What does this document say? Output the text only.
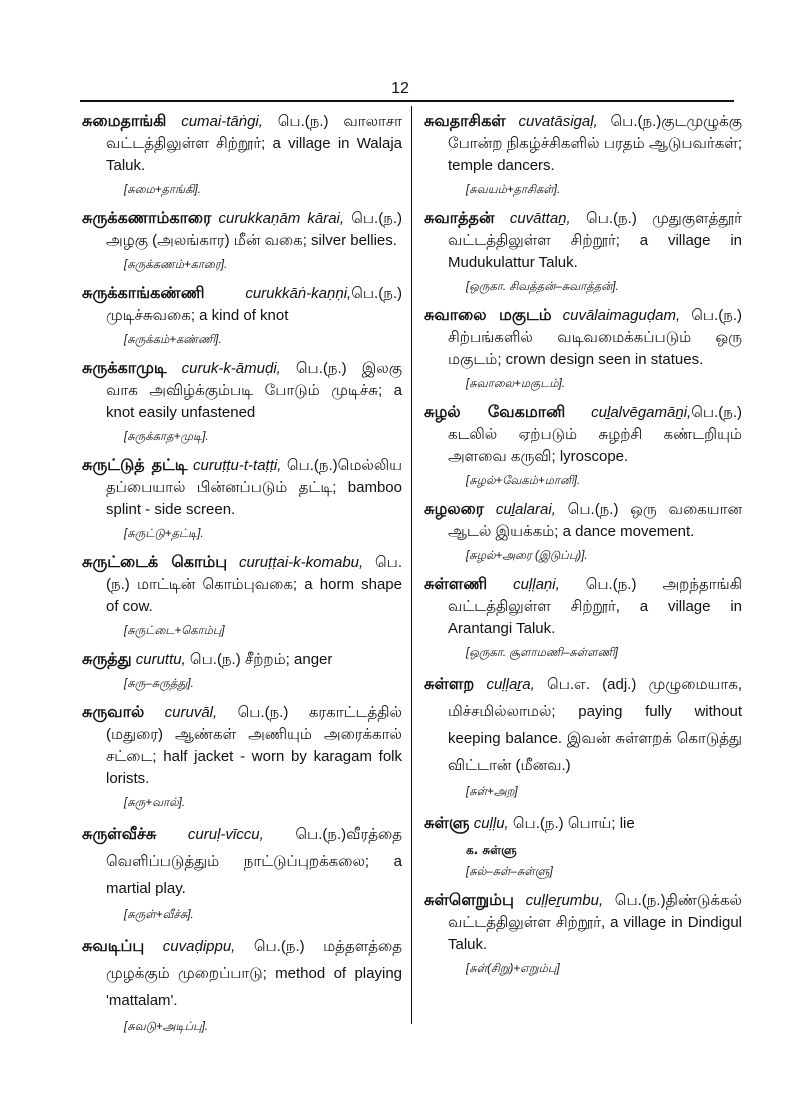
12
சுமைதாங்கி cumai-tāṅgi, பெ.(ந.) வாலாசா வட்டத்திலுள்ள சிற்றூர்; a village in Walaja Taluk.
[சுமை+தாங்கி].
சுருக்கணாம்காரை curukkaṇām kārai, பெ.(ந.) அழகு (அலங்கார) மீன் வகை; silver bellies.
[சுருக்கணம்+காரை].
சுருக்காங்கண்ணி	curukkāṅ-kaṇṇi,பெ.(ந.) முடிச்சுவகை; a kind of knot
[சுருக்கம்+கண்ணி].
சுருக்காமுடி curuk-k-āmuḍi, பெ.(ந.) இலகு வாக அவிழ்க்கும்படி போடும் முடிச்சு; a knot easily unfastened
[சுருக்காத+முடி].
சுருட்டுத் தட்டி curuṭṭu-t-taṭṭi, பெ.(ந.)மெல்லிய தப்பையால் பின்னப்படும் தட்டி; bamboo splint - side screen.
[சுருட்டு+தட்டி].
சுருட்டைக் கொம்பு curuṭṭai-k-komabu, பெ.(ந.) மாட்டின் கொம்புவகை; a horm shape of cow.
[சுருட்டை+கொம்பு]
சுருத்து curuttu, பெ.(ந.) சீற்றம்; anger
[சுரு–சுருத்து].
சுருவால் curuvāl, பெ.(ந.) கரகாட்டத்தில் (மதுரை) ஆண்கள் அணியும் அரைக்கால் சட்டை; half jacket - worn by karagam folk lorists.
[சுரு+வால்].
சுருள்வீச்சு curuḷ-vīccu, பெ.(ந.)வீரத்தை வெளிப்படுத்தும் நாட்டுப்புறக்கலை; a martial play.
[சுருள்+வீச்சு].
சுவடிப்பு cuvaḍippu, பெ.(ந.) மத்தளத்தை முழக்கும் முறைப்பாடு; method of playing 'mattalam'.
[சுவடு+அடிப்பு].
சுவதாசிகள் cuvatāsigaḷ, பெ.(ந.)குடமுழுக்கு போன்ற நிகழ்ச்சிகளில் பரதம் ஆடுபவர்கள்; temple dancers.
[சுவயம்+தாசிகள்].
சுவாத்தன் cuvāttaṉ, பெ.(ந.) முதுகுளத்தூர் வட்டத்திலுள்ள சிற்றூர்; a village in Mudukulattur Taluk.
[ஒருகா. சிவத்தன்–சுவாத்தன்].
சுவாலை மகுடம் cuvālaimaguḍam, பெ.(ந.) சிற்பங்களில் வடிவமைக்கப்படும் ஒரு மகுடம்; crown design seen in statues.
[சுவாலை+மகுடம்].
சுழல் வேகமானி cuḻalvēgamāṉi,பெ.(ந.) கடலில் ஏற்படும் சுழற்சி கண்டறியும் அளவை கருவி; lyroscope.
[சுழல்+வேகம்+மானி].
சுழலரை cuḻalarai, பெ.(ந.) ஒரு வகையான ஆடல் இயக்கம்; a dance movement.
[சுழல்+அரை (இடுப்பு)].
சுள்ளணி cuḷḷaṇi, பெ.(ந.) அறந்தாங்கி வட்டத்திலுள்ள சிற்றூர், a village in Arantangi Taluk.
[ஒருகா. சூளாமணி–சுள்ளணி]
சுள்ளற cuḷḷaṟa, பெ.எ. (adj.) முழுமையாக, மிச்சமில்லாமல்; paying fully without keeping balance. இவன் சுள்ளறக் கொடுத்து விட்டான் (மீனவ.)
[சுள்+அற]
சுள்ளு cuḷḷu, பெ.(ந.) பொய்; lie
க. சுள்ளு
[சுல்–சுள்–சுள்ளு]
சுள்ளெறும்பு cuḷḷeṟumbu, பெ.(ந.)திண்டுக்கல் வட்டத்திலுள்ள சிற்றூர், a village in Dindigul Taluk.
[சுள்(சிறு)+எறும்பு]
